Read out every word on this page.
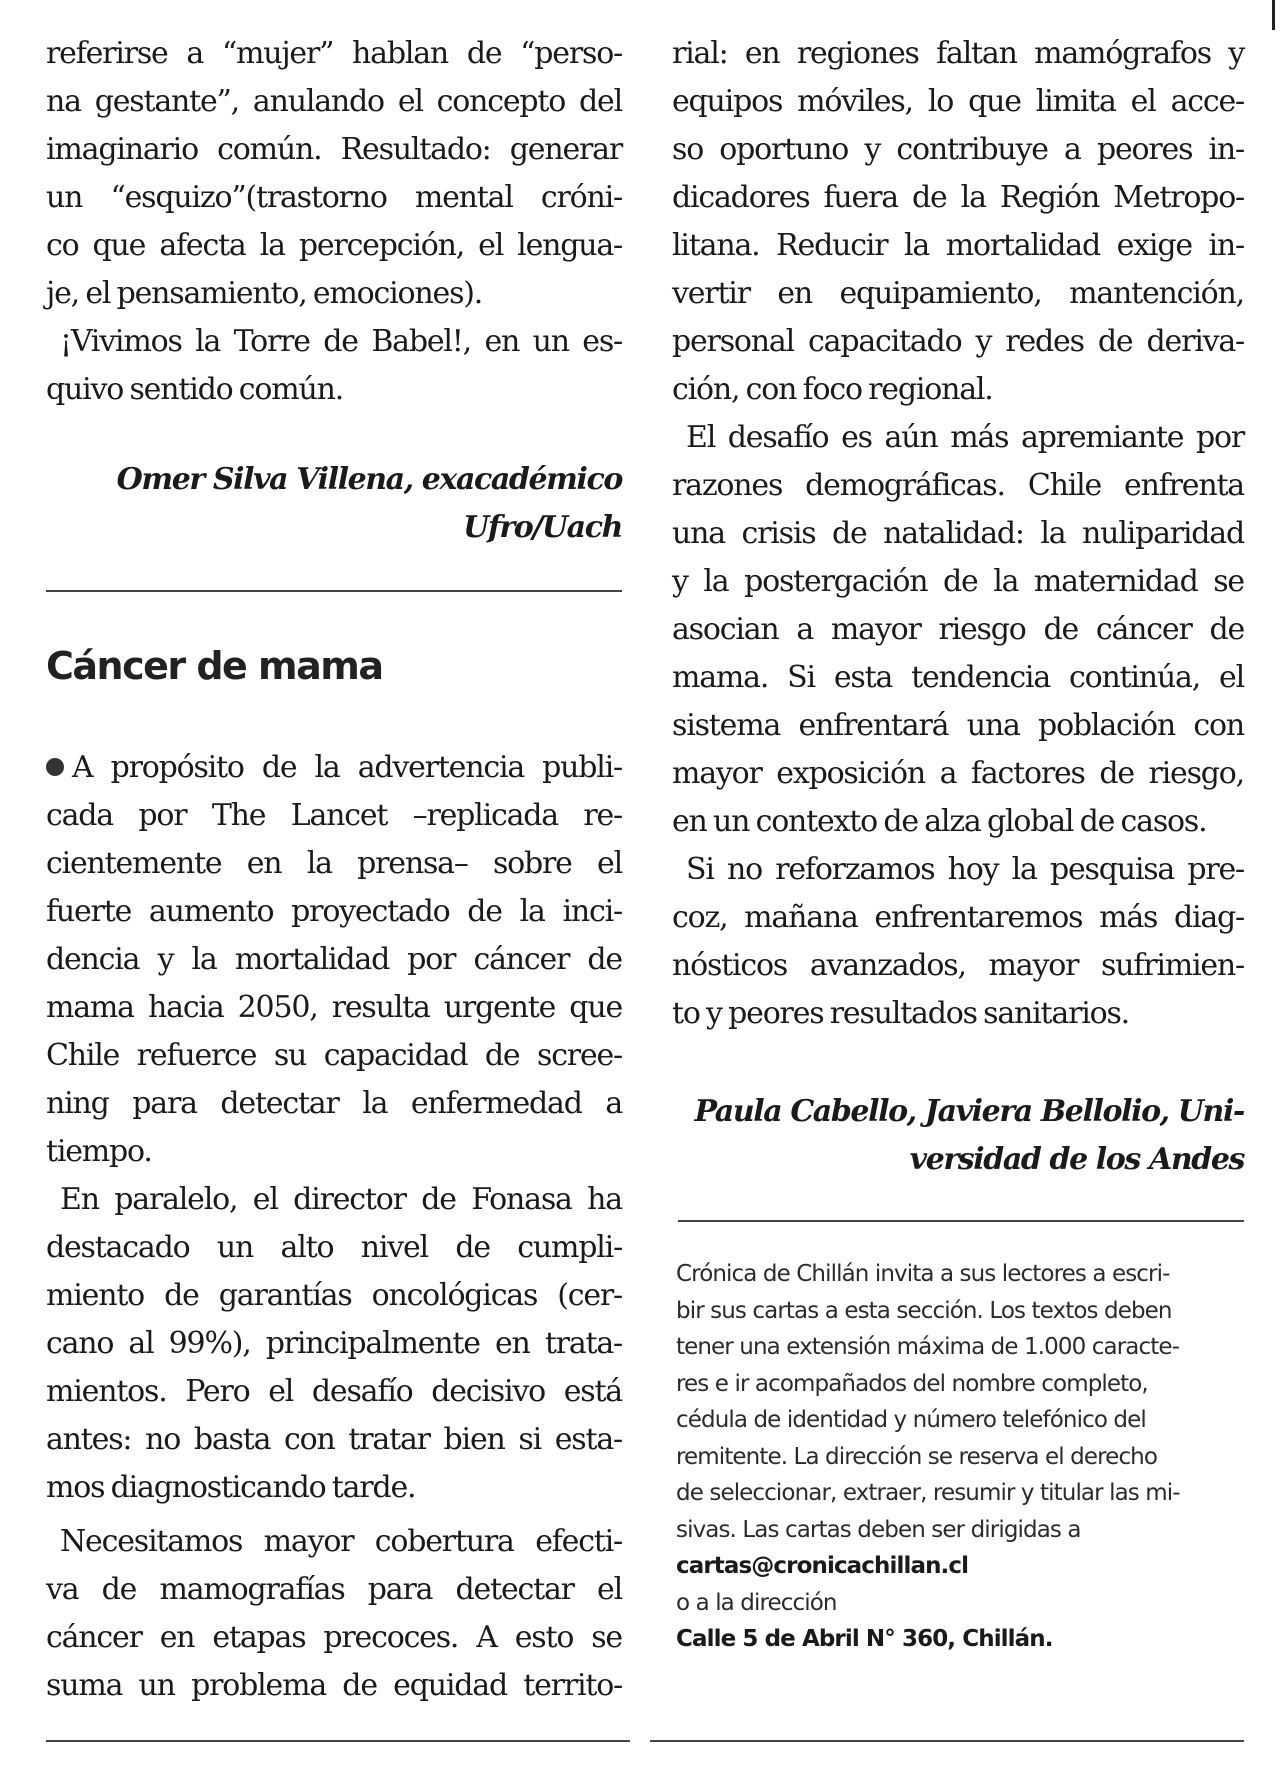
referirse a “mujer” hablan de “perso-
na gestante”, anulando el concepto del
imaginario común. Resultado: generar
un “esquizo”(trastorno mental cróni-
co que afecta la percepción, el lengua-
je, el pensamiento, emociones).
¡Vivimos la Torre de Babel!, en un es-
quivo sentido común.
Omer Silva Villena, exacadémico
Ufro/Uach
Cáncer de mama
A propósito de la advertencia publi-
cada por The Lancet –replicada re-
cientemente en la prensa– sobre el
fuerte aumento proyectado de la inci-
dencia y la mortalidad por cáncer de
mama hacia 2050, resulta urgente que
Chile refuerce su capacidad de scree-
ning para detectar la enfermedad a
tiempo.
En paralelo, el director de Fonasa ha
destacado un alto nivel de cumpli-
miento de garantías oncológicas (cer-
cano al 99%), principalmente en trata-
mientos. Pero el desafío decisivo está
antes: no basta con tratar bien si esta-
mos diagnosticando tarde.
Necesitamos mayor cobertura efecti-
va de mamografías para detectar el
cáncer en etapas precoces. A esto se
suma un problema de equidad territo-
rial: en regiones faltan mamógrafos y
equipos móviles, lo que limita el acce-
so oportuno y contribuye a peores in-
dicadores fuera de la Región Metropo-
litana. Reducir la mortalidad exige in-
vertir en equipamiento, mantención,
personal capacitado y redes de deriva-
ción, con foco regional.
El desafío es aún más apremiante por
razones demográficas. Chile enfrenta
una crisis de natalidad: la nuliparidad
y la postergación de la maternidad se
asocian a mayor riesgo de cáncer de
mama. Si esta tendencia continúa, el
sistema enfrentará una población con
mayor exposición a factores de riesgo,
en un contexto de alza global de casos.
Si no reforzamos hoy la pesquisa pre-
coz, mañana enfrentaremos más diag-
nósticos avanzados, mayor sufrimien-
to y peores resultados sanitarios.
Paula Cabello, Javiera Bellolio, Uni-
versidad de los Andes
Crónica de Chillán invita a sus lectores a escri-
bir sus cartas a esta sección. Los textos deben
tener una extensión máxima de 1.000 caracte-
res e ir acompañados del nombre completo,
cédula de identidad y número telefónico del
remitente. La dirección se reserva el derecho
de seleccionar, extraer, resumir y titular las mi-
sivas. Las cartas deben ser dirigidas a
cartas@cronicachillan.cl
o a la dirección
Calle 5 de Abril N° 360, Chillán.
